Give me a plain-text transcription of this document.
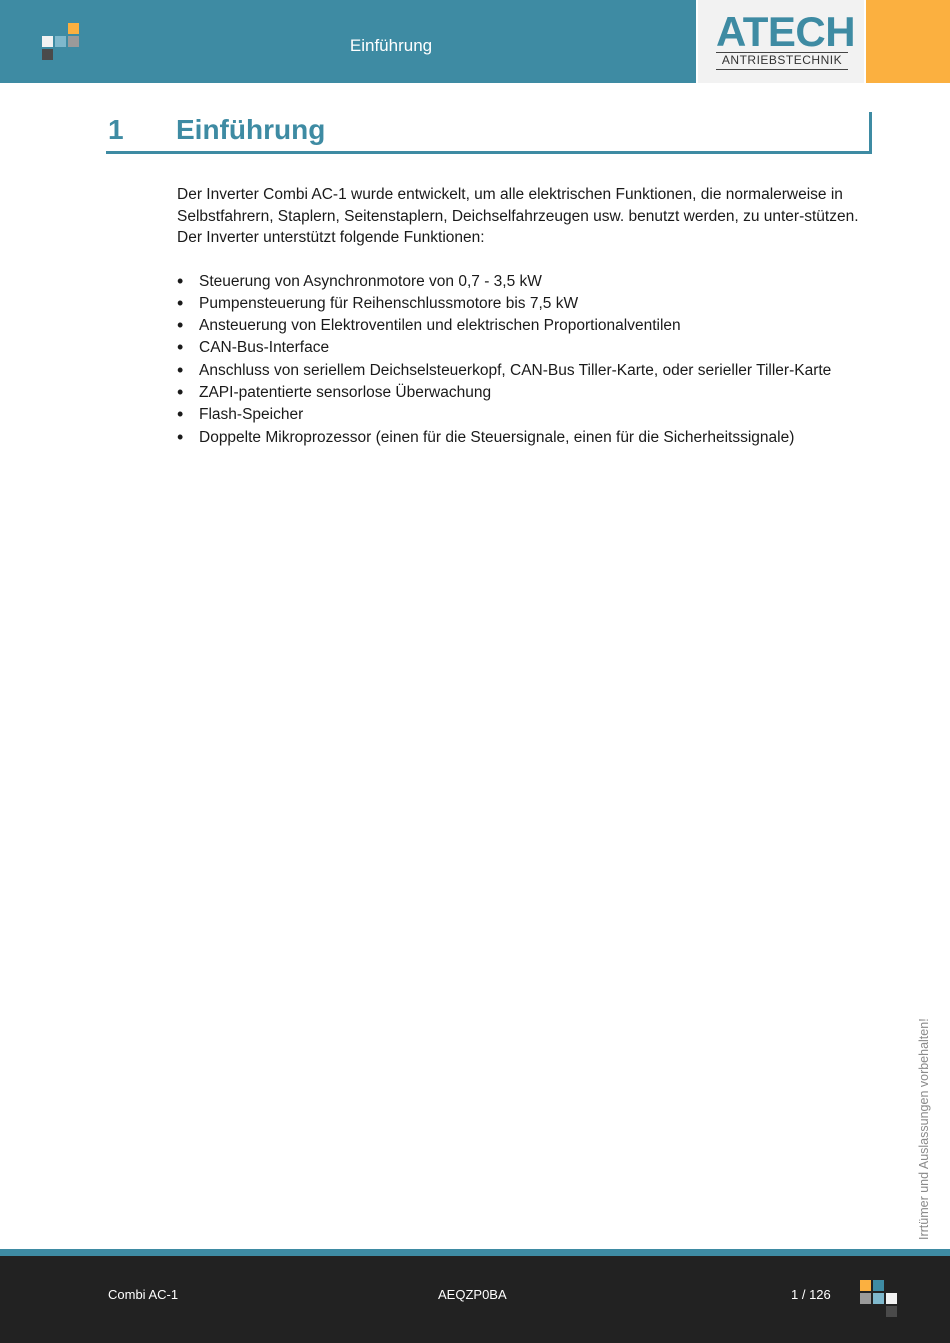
Einführung	ATECH
ANTRIEBSTECHNIK
1 Einführung

Der Inverter Combi AC-1 wurde entwickelt, um alle elektrischen Funktionen, die normalerweise in Selbstfahrern, Staplern, Seitenstaplern, Deichselfahrzeugen usw. benutzt werden, zu unter-stützen.

Der Inverter unterstützt folgende Funktionen:

• Steuerung von Asynchronmotore von 0,7 - 3,5 kW
• Pumpensteuerung für Reihenschlussmotore bis 7,5 kW
• Ansteuerung von Elektroventilen und elektrischen Proportionalventilen
• CAN-Bus-Interface
• Anschluss von seriellem Deichselsteuerkopf, CAN-Bus Tiller-Karte, oder serieller Tiller-Karte
• ZAPI-patentierte sensorlose Überwachung
• Flash-Speicher
• Doppelte Mikroprozessor (einen für die Steuersignale, einen für die Sicherheitssignale)
Irrtümer und Auslassungen vorbehalten!
Combi AC-1	AEQZP0BA	1 / 126
